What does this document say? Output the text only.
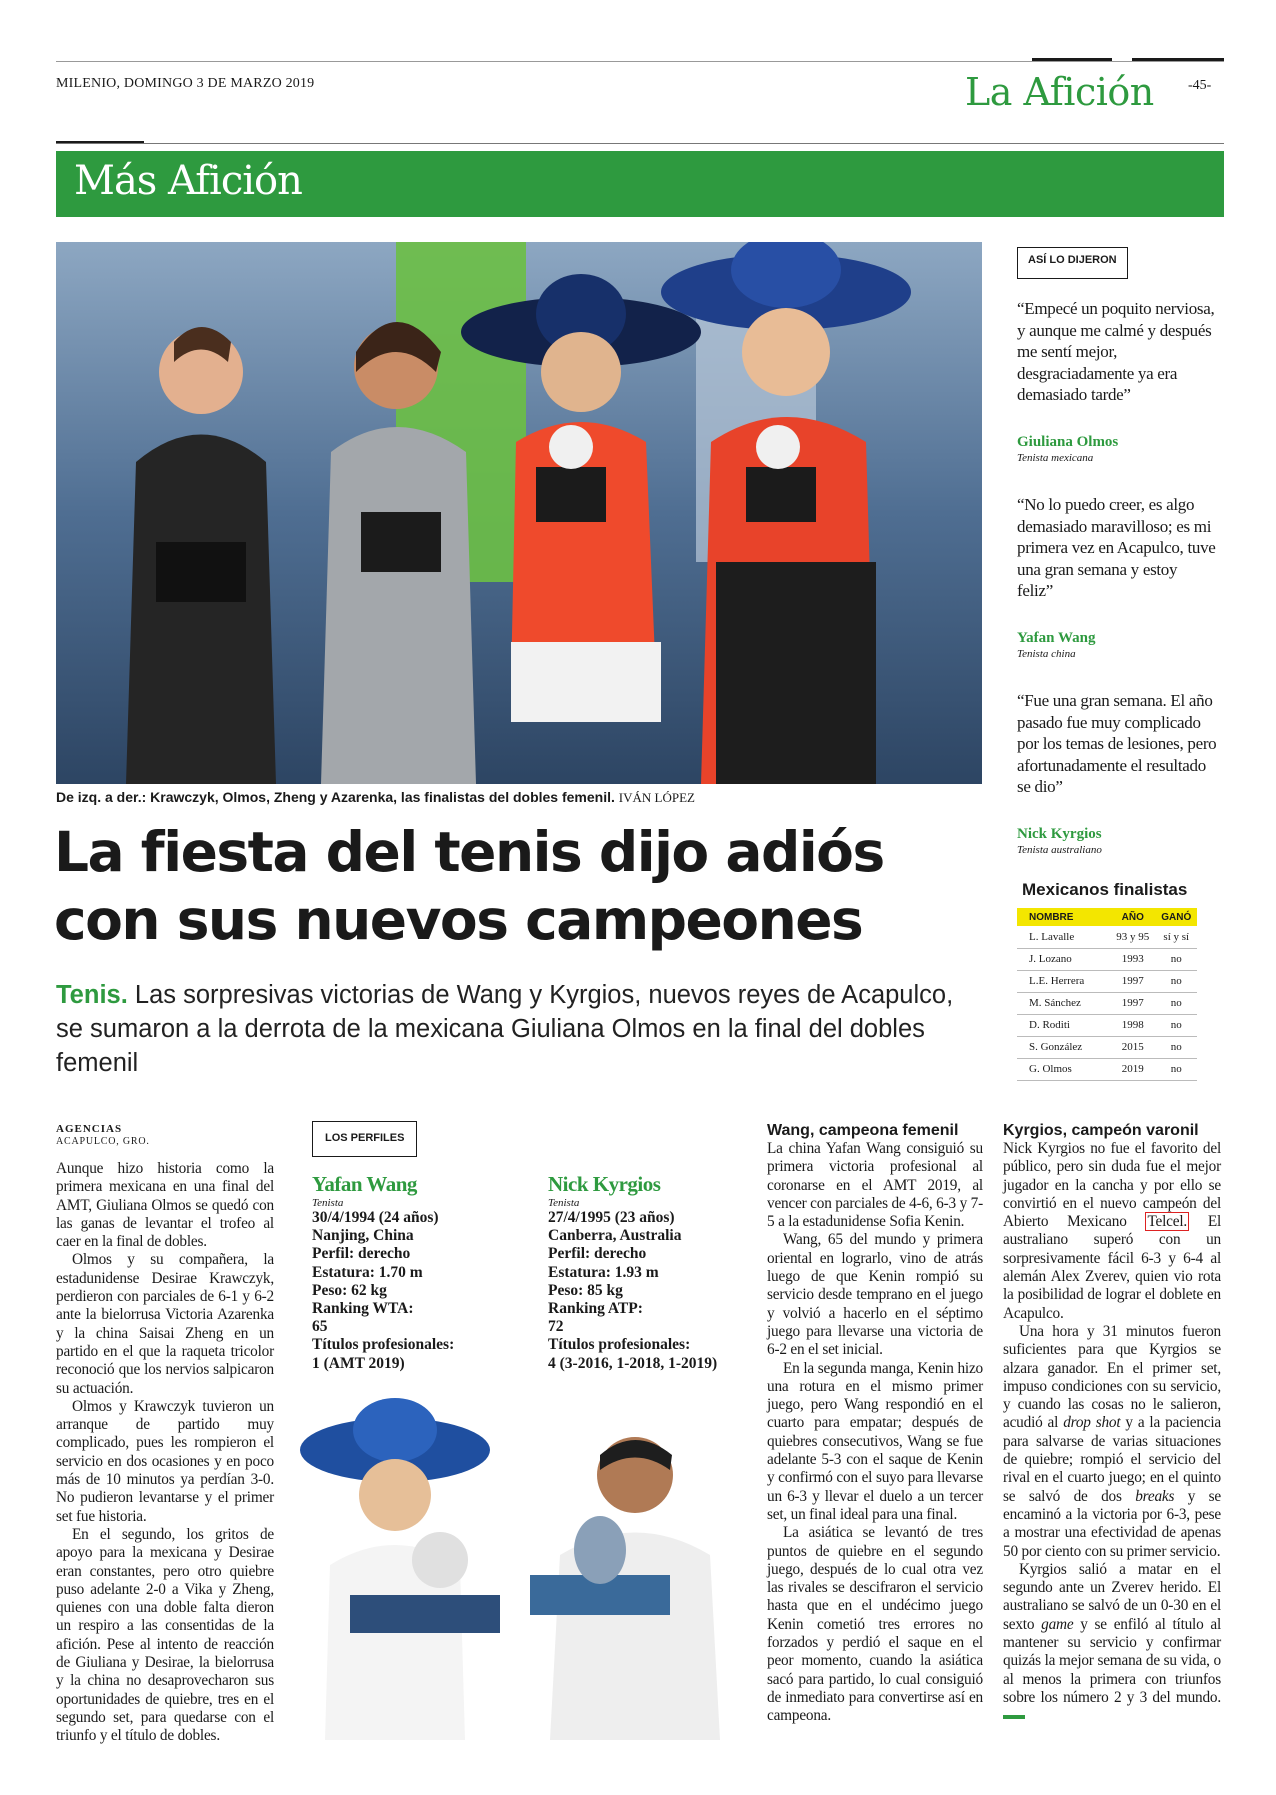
MILENIO, DOMINGO 3 DE MARZO 2019	La Afición -45-
Más Afición
De izq. a der.: Krawczyk, Olmos, Zheng y Azarenka, las finalistas del dobles femenil. IVÁN LÓPEZ
La fiesta del tenis dijo adiós
con sus nuevos campeones
Tenis. Las sorpresivas victorias de Wang y Kyrgios, nuevos reyes de Acapulco, se sumaron a la derrota de la mexicana Giuliana Olmos en la final del dobles femenil
ASÍ LO DIJERON
“Empecé un poquito nerviosa, y aunque me calmé y después me sentí mejor, desgraciadamente ya era demasiado tarde”
Giuliana Olmos
Tenista mexicana
“No lo puedo creer, es algo demasiado maravilloso; es mi primera vez en Acapulco, tuve una gran semana y estoy feliz”
Yafan Wang
Tenista china
“Fue una gran semana. El año pasado fue muy complicado por los temas de lesiones, pero afortunadamente el resultado se dio”
Nick Kyrgios
Tenista australiano
Mexicanos finalistas
NOMBRE	AÑO	GANÓ
L. Lavalle	93 y 95	sí y sí
J. Lozano	1993	no
L.E. Herrera	1997	no
M. Sánchez	1997	no
D. Roditi	1998	no
S. González	2015	no
G. Olmos	2019	no
AGENCIAS
ACAPULCO, GRO.

Aunque hizo historia como la primera mexicana en una final del AMT, Giuliana Olmos se quedó con las ganas de levantar el trofeo al caer en la final de dobles.

Olmos y su compañera, la estadunidense Desirae Krawczyk, perdieron con parciales de 6-1 y 6-2 ante la bielorrusa Victoria Azarenka y la china Saisai Zheng en un partido en el que la raqueta tricolor reconoció que los nervios salpicaron su actuación.

Olmos y Krawczyk tuvieron un arranque de partido muy complicado, pues les rompieron el servicio en dos ocasiones y en poco más de 10 minutos ya perdían 3-0. No pudieron levantarse y el primer set fue historia.

En el segundo, los gritos de apoyo para la mexicana y Desirae eran constantes, pero otro quiebre puso adelante 2-0 a Vika y Zheng, quienes con una doble falta dieron un respiro a las consentidas de la afición. Pese al intento de reacción de Giuliana y Desirae, la bielorrusa y la china no desaprovecharon sus oportunidades de quiebre, tres en el segundo set, para quedarse con el triunfo y el título de dobles.

LOS PERFILES
Yafan Wang
Tenista
30/4/1994 (24 años)
Nanjing, China
Perfil: derecho
Estatura: 1.70 m
Peso: 62 kg
Ranking WTA:
65
Títulos profesionales:
1 (AMT 2019)
Nick Kyrgios
Tenista
27/4/1995 (23 años)
Canberra, Australia
Perfil: derecho
Estatura: 1.93 m
Peso: 85 kg
Ranking ATP:
72
Títulos profesionales:
4 (3-2016, 1-2018, 1-2019)
Wang, campeona femenil

La china Yafan Wang consiguió su primera victoria profesional al coronarse en el AMT 2019, al vencer con parciales de 4-6, 6-3 y 7-5 a la estadunidense Sofia Kenin.

Wang, 65 del mundo y primera oriental en lograrlo, vino de atrás luego de que Kenin rompió su servicio desde temprano en el juego y volvió a hacerlo en el séptimo juego para llevarse una victoria de 6-2 en el set inicial.

En la segunda manga, Kenin hizo una rotura en el mismo primer juego, pero Wang respondió en el cuarto para empatar; después de quiebres consecutivos, Wang se fue adelante 5-3 con el saque de Kenin y confirmó con el suyo para llevarse un 6-3 y llevar el duelo a un tercer set, un final ideal para una final.

La asiática se levantó de tres puntos de quiebre en el segundo juego, después de lo cual otra vez las rivales se descifraron el servicio hasta que en el undécimo juego Kenin cometió tres errores no forzados y perdió el saque en el peor momento, cuando la asiática sacó para partido, lo cual consiguió de inmediato para convertirse así en campeona.

Kyrgios, campeón varonil

Nick Kyrgios no fue el favorito del público, pero sin duda fue el mejor jugador en la cancha y por ello se convirtió en el nuevo campeón del Abierto Mexicano Telcel. El australiano superó con un sorpresivamente fácil 6-3 y 6-4 al alemán Alex Zverev, quien vio rota la posibilidad de lograr el doblete en Acapulco.

Una hora y 31 minutos fueron suficientes para que Kyrgios se alzara ganador. En el primer set, impuso condiciones con su servicio, y cuando las cosas no le salieron, acudió al drop shot y a la paciencia para salvarse de varias situaciones de quiebre; rompió el servicio del rival en el cuarto juego; en el quinto se salvó de dos breaks y se encaminó a la victoria por 6-3, pese a mostrar una efectividad de apenas 50 por ciento con su primer servicio.

Kyrgios salió a matar en el segundo ante un Zverev herido. El australiano se salvó de un 0-30 en el sexto game y se enfiló al título al mantener su servicio y confirmar quizás la mejor semana de su vida, o al menos la primera con triunfos sobre los número 2 y 3 del mundo.
